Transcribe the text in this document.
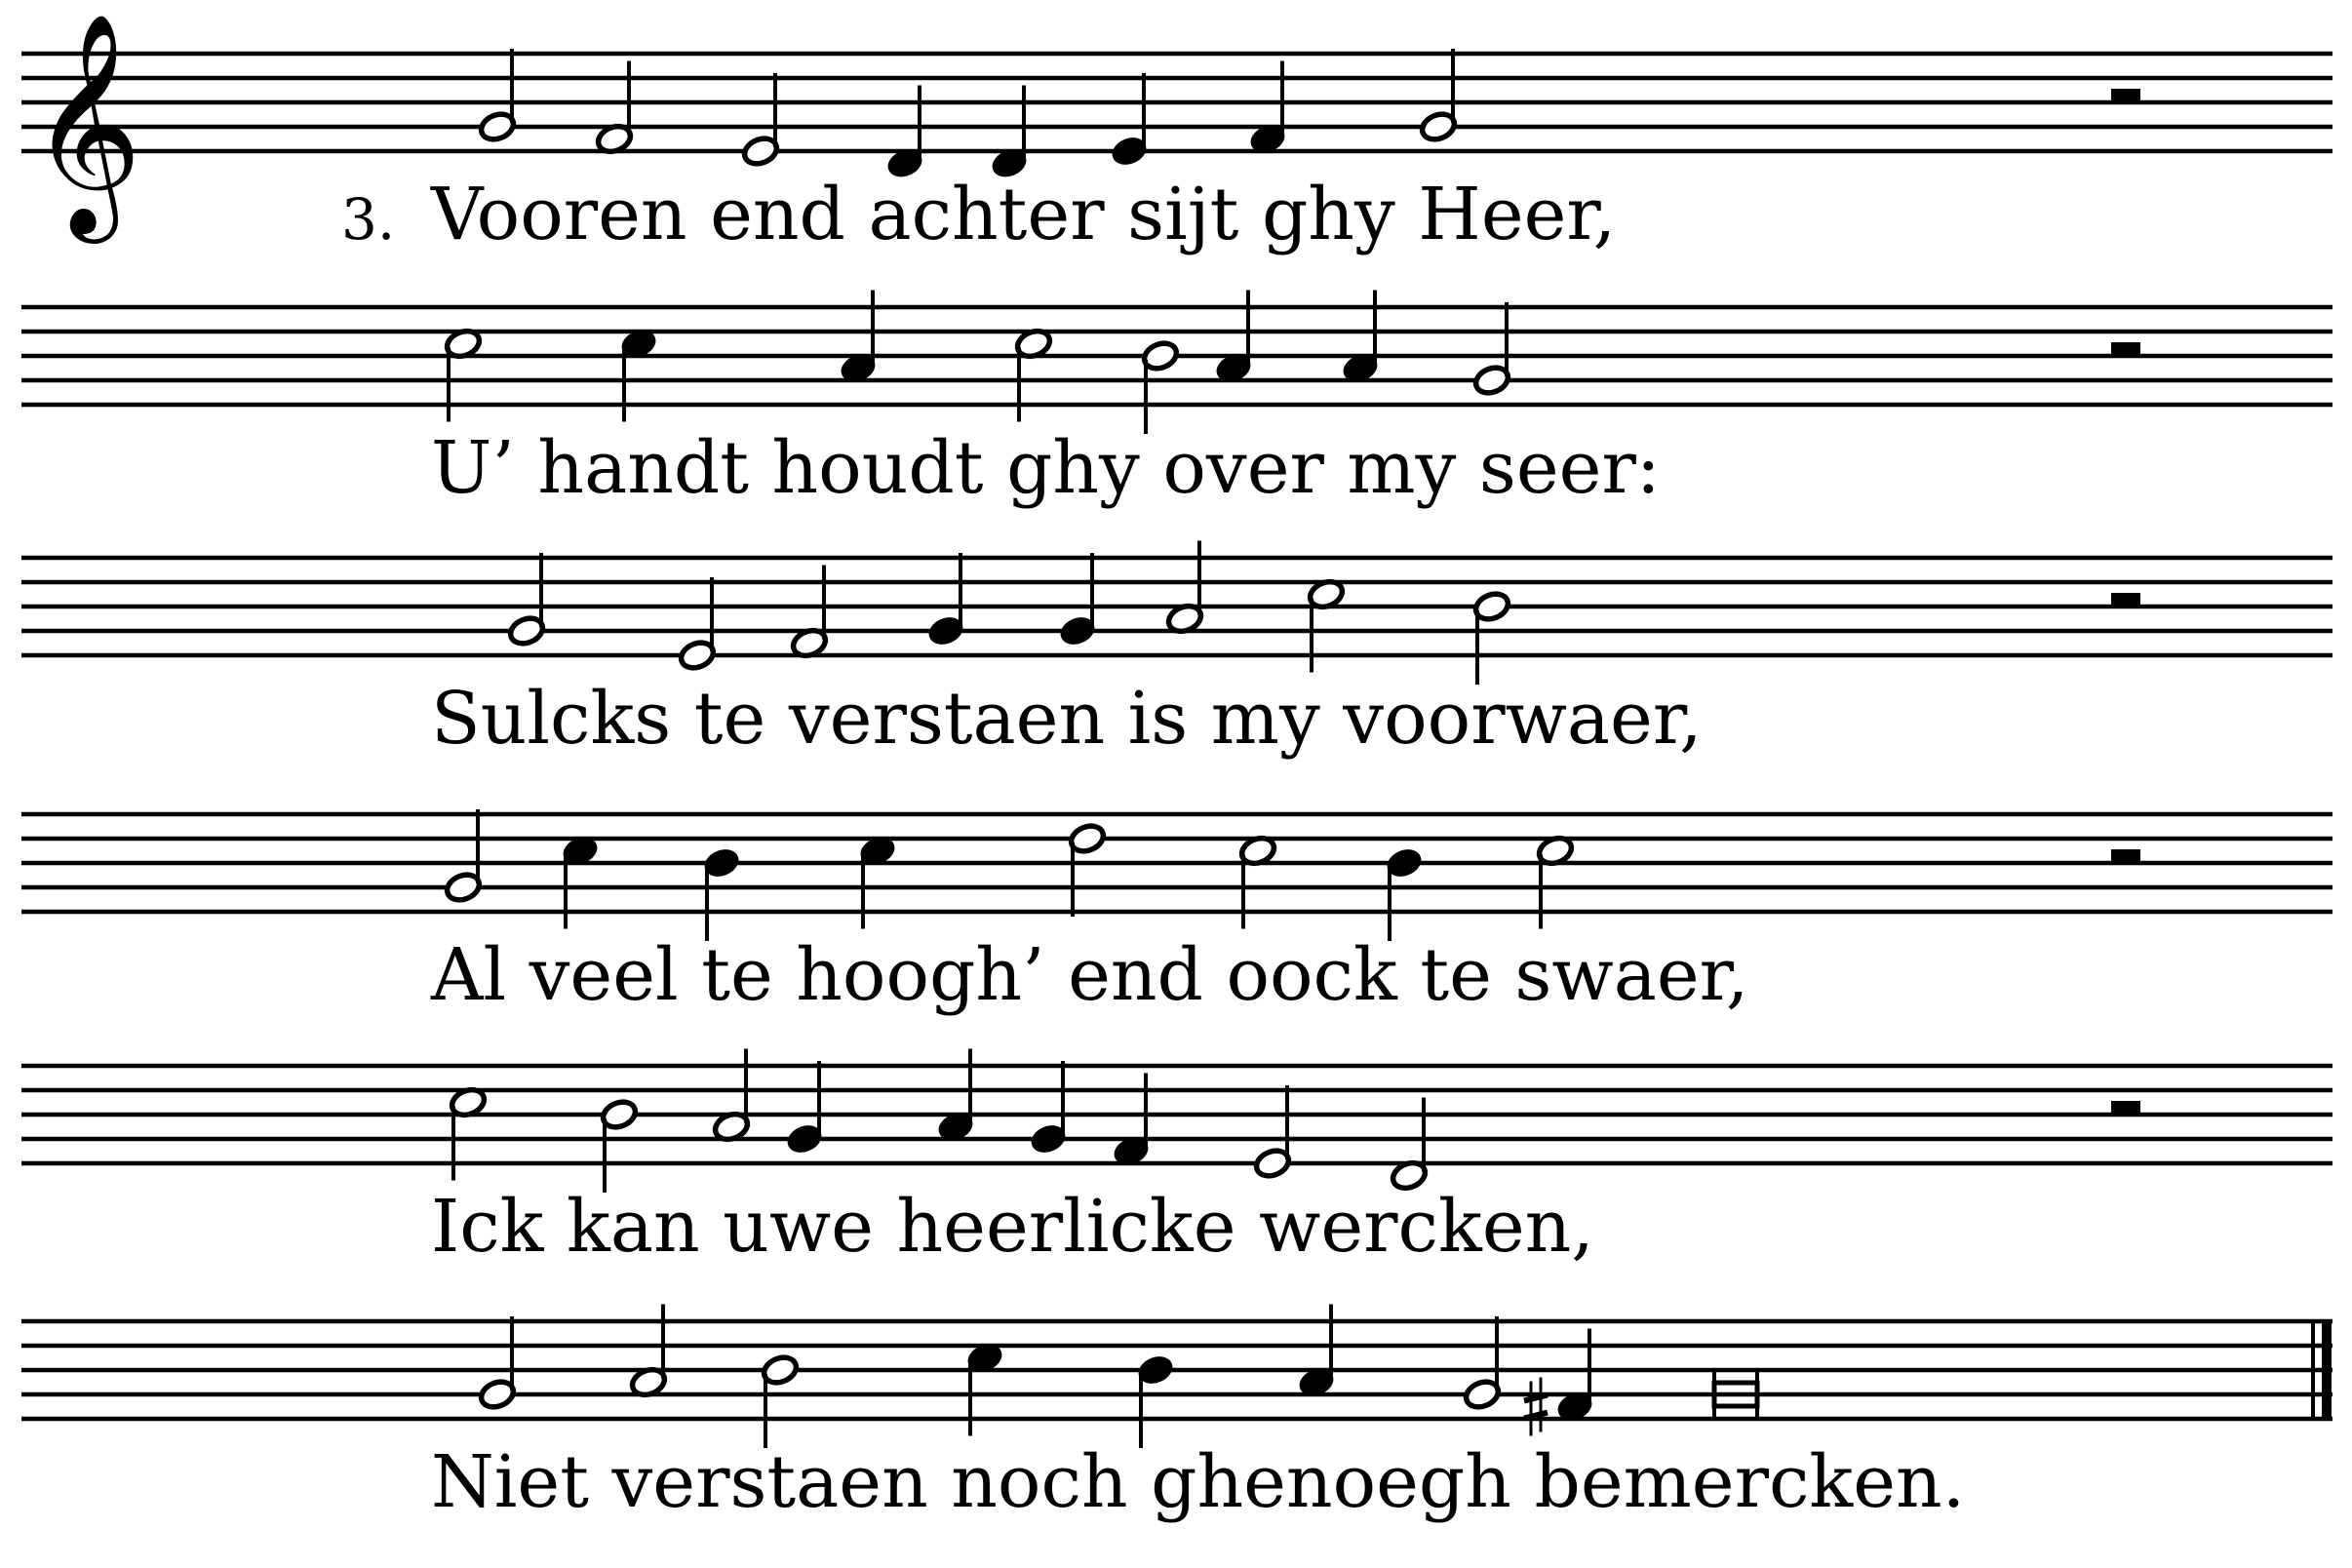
𝄞	3. Vooren end achter sijt ghy Heer,
U’ handt houdt ghy over my seer:
Sulcks te verstaen is my voorwaer,
Al veel te hoogh’ end oock te swaer,
Ick kan uwe heerlicke wercken,
Niet verstaen noch ghenoegh bemercken.
